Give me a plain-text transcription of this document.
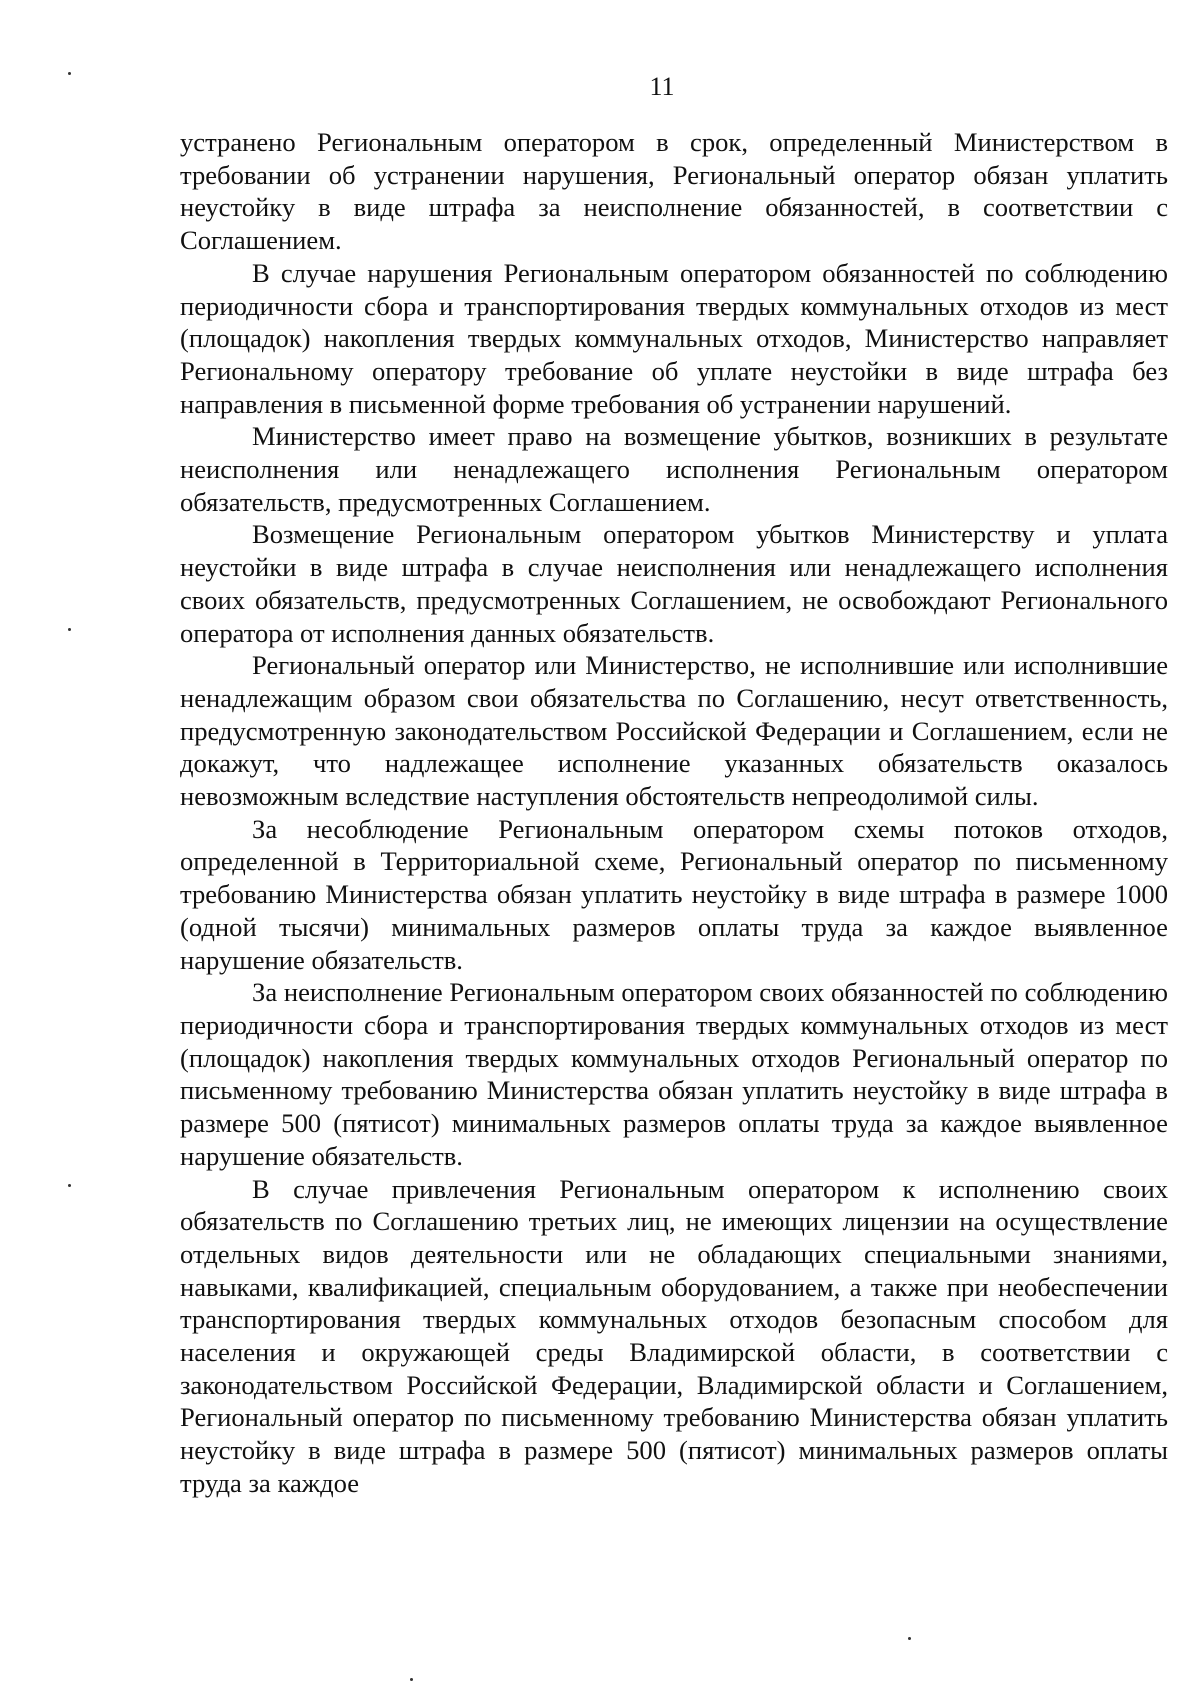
11

устранено Региональным оператором в срок, определенный Министерством в требовании об устранении нарушения, Региональный оператор обязан уплатить неустойку в виде штрафа за неисполнение обязанностей, в соответствии с Соглашением.

В случае нарушения Региональным оператором обязанностей по соблюдению периодичности сбора и транспортирования твердых коммунальных отходов из мест (площадок) накопления твердых коммунальных отходов, Министерство направляет Региональному оператору требование об уплате неустойки в виде штрафа без направления в письменной форме требования об устранении нарушений.

Министерство имеет право на возмещение убытков, возникших в результате неисполнения или ненадлежащего исполнения Региональным оператором обязательств, предусмотренных Соглашением.

Возмещение Региональным оператором убытков Министерству и уплата неустойки в виде штрафа в случае неисполнения или ненадлежащего исполнения своих обязательств, предусмотренных Соглашением, не освобождают Регионального оператора от исполнения данных обязательств.

Региональный оператор или Министерство, не исполнившие или исполнившие ненадлежащим образом свои обязательства по Соглашению, несут ответственность, предусмотренную законодательством Российской Федерации и Соглашением, если не докажут, что надлежащее исполнение указанных обязательств оказалось невозможным вследствие наступления обстоятельств непреодолимой силы.

За несоблюдение Региональным оператором схемы потоков отходов, определенной в Территориальной схеме, Региональный оператор по письменному требованию Министерства обязан уплатить неустойку в виде штрафа в размере 1000 (одной тысячи) минимальных размеров оплаты труда за каждое выявленное нарушение обязательств.

За неисполнение Региональным оператором своих обязанностей по соблюдению периодичности сбора и транспортирования твердых коммунальных отходов из мест (площадок) накопления твердых коммунальных отходов Региональный оператор по письменному требованию Министерства обязан уплатить неустойку в виде штрафа в размере 500 (пятисот) минимальных размеров оплаты труда за каждое выявленное нарушение обязательств.

В случае привлечения Региональным оператором к исполнению своих обязательств по Соглашению третьих лиц, не имеющих лицензии на осуществление отдельных видов деятельности или не обладающих специальными знаниями, навыками, квалификацией, специальным оборудованием, а также при необеспечении транспортирования твердых коммунальных отходов безопасным способом для населения и окружающей среды Владимирской области, в соответствии с законодательством Российской Федерации, Владимирской области и Соглашением, Региональный оператор по письменному требованию Министерства обязан уплатить неустойку в виде штрафа в размере 500 (пятисот) минимальных размеров оплаты труда за каждое
